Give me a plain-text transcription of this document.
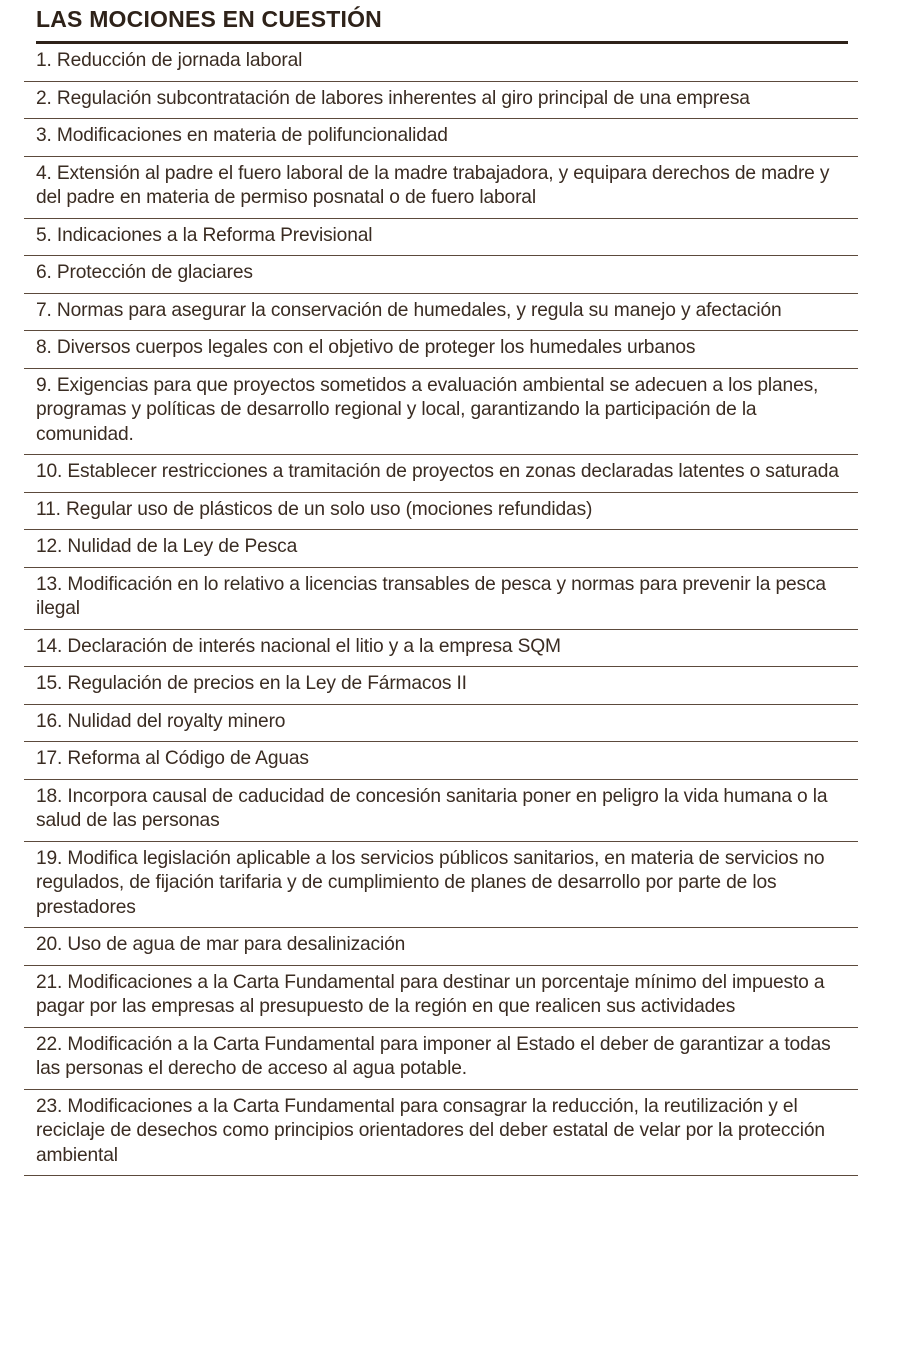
LAS MOCIONES EN CUESTIÓN
1. Reducción de jornada laboral
2. Regulación subcontratación de labores inherentes al giro principal de una empresa
3. Modificaciones en materia de polifuncionalidad
4. Extensión al padre el fuero laboral de la madre trabajadora, y equipara derechos de madre y del padre en materia de permiso posnatal o de fuero laboral
5. Indicaciones a la Reforma Previsional
6. Protección de glaciares
7. Normas para asegurar la conservación de humedales, y regula su manejo y afectación
8. Diversos cuerpos legales con el objetivo de proteger los humedales urbanos
9. Exigencias para que proyectos sometidos a evaluación ambiental se adecuen a los planes, programas y políticas de desarrollo regional y local, garantizando la participación de la comunidad.
10. Establecer restricciones a tramitación de proyectos en zonas declaradas latentes o saturada
11. Regular uso de plásticos de un solo uso (mociones refundidas)
12. Nulidad de la Ley de Pesca
13. Modificación en lo relativo a licencias transables de pesca y normas para prevenir la pesca ilegal
14. Declaración de interés nacional el litio y a la empresa SQM
15. Regulación de precios en la Ley de Fármacos II
16. Nulidad del royalty minero
17. Reforma al Código de Aguas
18. Incorpora causal de caducidad de concesión sanitaria poner en peligro la vida humana o la salud de las personas
19. Modifica legislación aplicable a los servicios públicos sanitarios, en materia de servicios no regulados, de fijación tarifaria y de cumplimiento de planes de desarrollo por parte de los prestadores
20. Uso de agua de mar para desalinización
21. Modificaciones a la Carta Fundamental para destinar un porcentaje mínimo del impuesto a pagar por las empresas al presupuesto de la región en que realicen sus actividades
22. Modificación a la Carta Fundamental para imponer al Estado el deber de garantizar a todas las personas el derecho de acceso al agua potable.
23. Modificaciones a la Carta Fundamental para consagrar la reducción, la reutilización y el reciclaje de desechos como principios orientadores del deber estatal de velar por la protección ambiental
